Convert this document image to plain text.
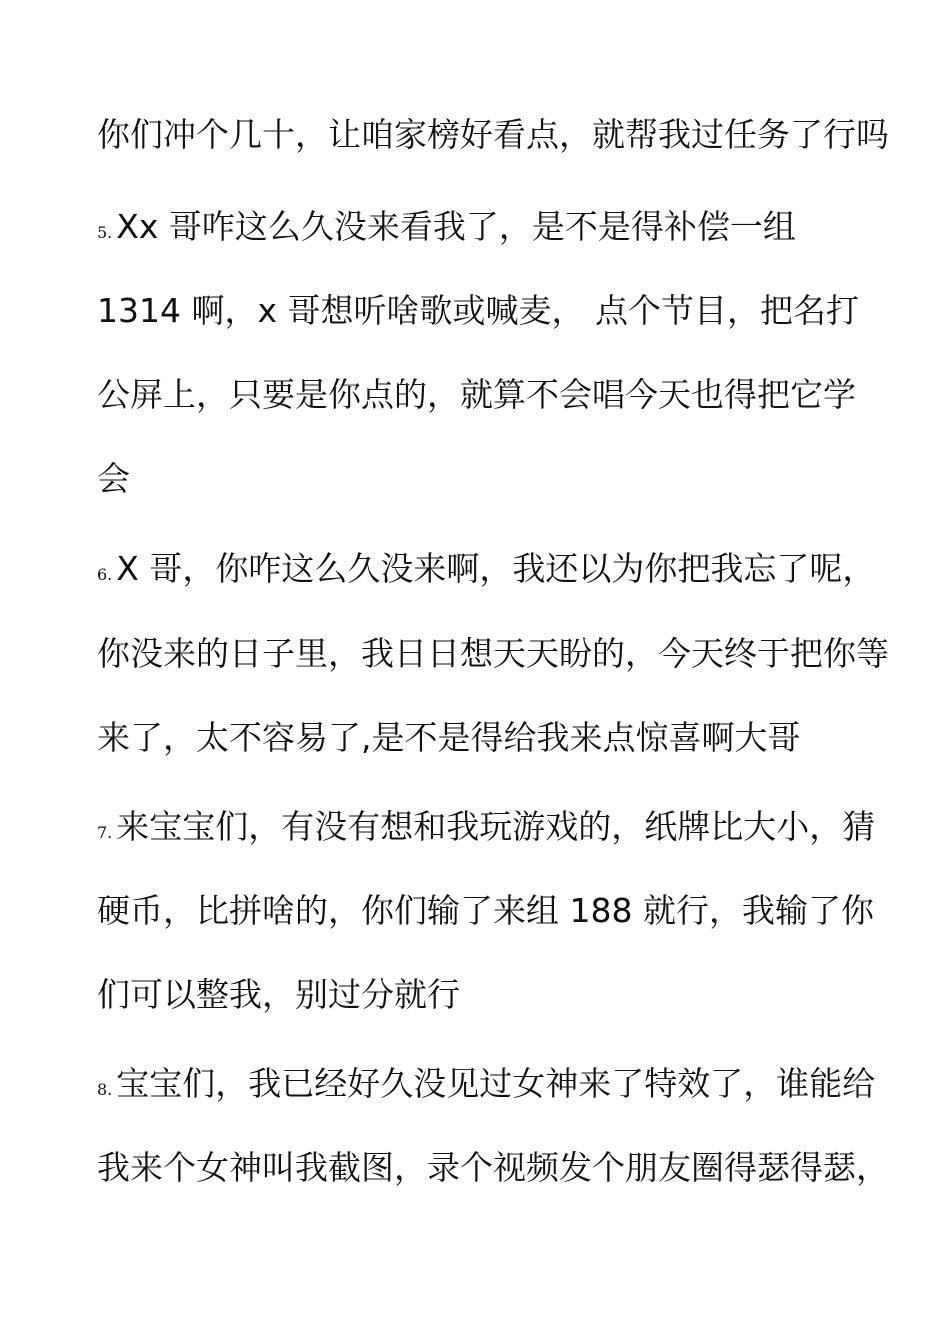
你们冲个几十，让咱家榜好看点，就帮我过任务了行吗
5. Xx 哥咋这么久没来看我了，是不是得补偿一组
1314 啊，x 哥想听啥歌或喊麦， 点个节目，把名打
公屏上，只要是你点的，就算不会唱今天也得把它学
会
6. X 哥，你咋这么久没来啊，我还以为你把我忘了呢，
你没来的日子里，我日日想天天盼的，今天终于把你等
来了，太不容易了,是不是得给我来点惊喜啊大哥
7. 来宝宝们，有没有想和我玩游戏的，纸牌比大小，猜
硬币，比拼啥的，你们输了来组 188 就行，我输了你
们可以整我，别过分就行
8. 宝宝们，我已经好久没见过女神来了特效了，谁能给
我来个女神叫我截图，录个视频发个朋友圈得瑟得瑟，
